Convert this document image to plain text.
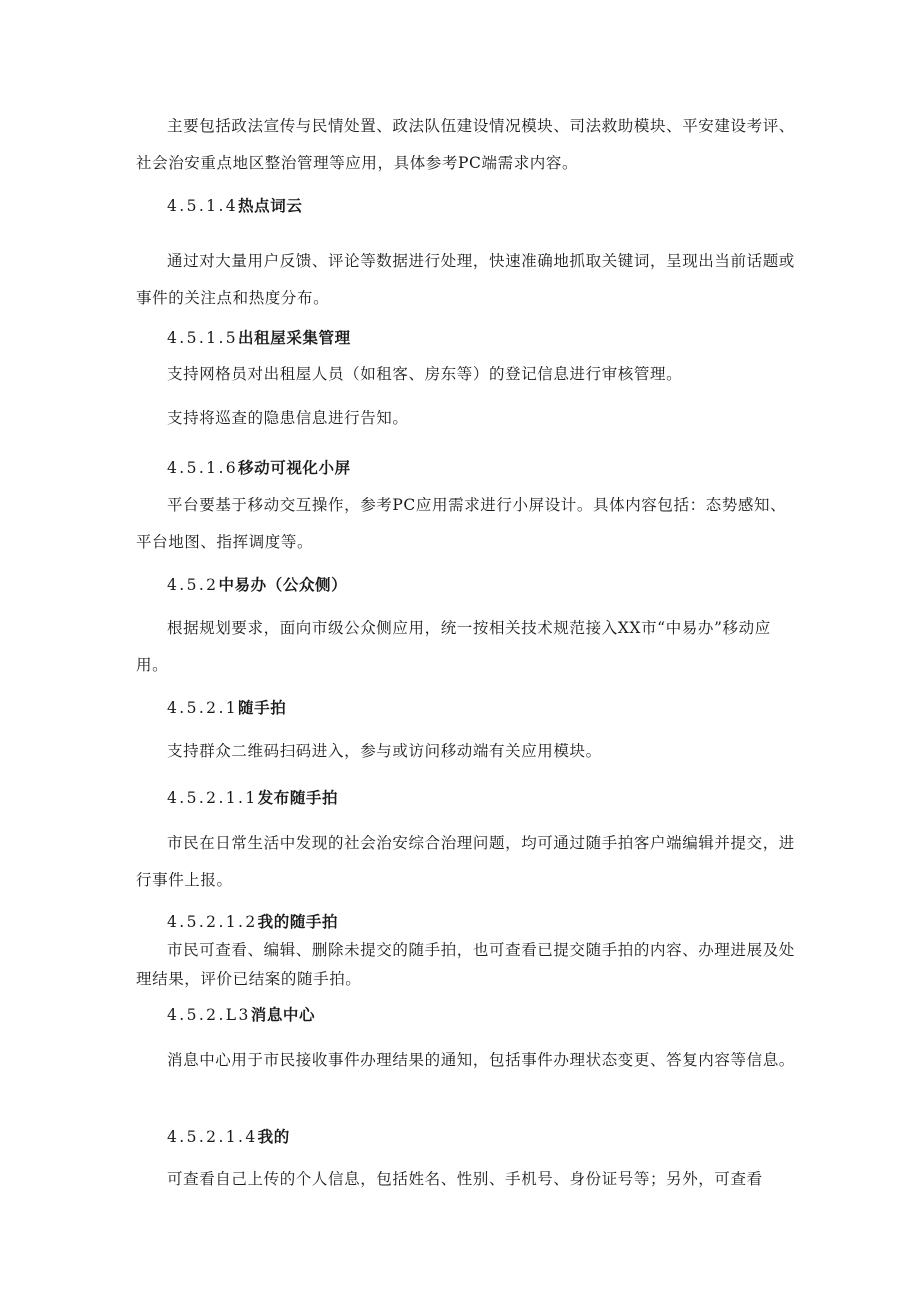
主要包括政法宣传与民情处置、政法队伍建设情况模块、司法救助模块、平安建设考评、社会治安重点地区整治管理等应用，具体参考PC端需求内容。

4.5.1.4热点词云

通过对大量用户反馈、评论等数据进行处理，快速准确地抓取关键词，呈现出当前话题或事件的关注点和热度分布。

4.5.1.5出租屋采集管理

支持网格员对出租屋人员（如租客、房东等）的登记信息进行审核管理。

支持将巡查的隐患信息进行告知。

4.5.1.6移动可视化小屏

平台要基于移动交互操作，参考PC应用需求进行小屏设计。具体内容包括：态势感知、平台地图、指挥调度等。

4.5.2中易办（公众侧）

根据规划要求，面向市级公众侧应用，统一按相关技术规范接入XX市“中易办”移动应用。

4.5.2.1随手拍

支持群众二维码扫码进入，参与或访问移动端有关应用模块。

4.5.2.1.1发布随手拍

市民在日常生活中发现的社会治安综合治理问题，均可通过随手拍客户端编辑并提交，进行事件上报。

4.5.2.1.2我的随手拍

市民可查看、编辑、删除未提交的随手拍，也可查看已提交随手拍的内容、办理进展及处理结果，评价已结案的随手拍。

4.5.2.L3消息中心

消息中心用于市民接收事件办理结果的通知，包括事件办理状态变更、答复内容等信息。

4.5.2.1.4我的

可查看自己上传的个人信息，包括姓名、性别、手机号、身份证号等；另外，可查看
